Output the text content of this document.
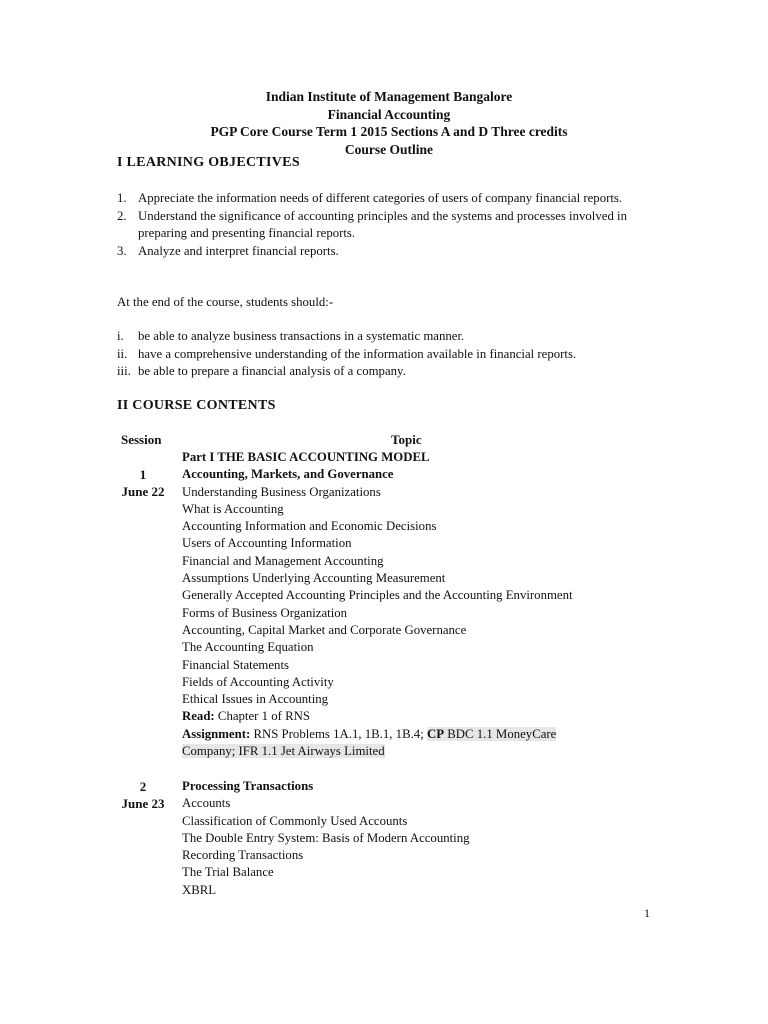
Indian Institute of Management Bangalore
Financial Accounting
PGP Core Course Term 1 2015 Sections A and D Three credits
Course Outline
I LEARNING OBJECTIVES
1. Appreciate the information needs of different categories of users of company financial reports.
2. Understand the significance of accounting principles and the systems and processes involved in preparing and presenting financial reports.
3. Analyze and interpret financial reports.
At the end of the course, students should:-
i. be able to analyze business transactions in a systematic manner.
ii. have a comprehensive understanding of the information available in financial reports.
iii. be able to prepare a financial analysis of a company.
II COURSE CONTENTS
Session	Topic
1
June 22
Part I THE BASIC ACCOUNTING MODEL
Accounting, Markets, and Governance
Understanding Business Organizations
What is Accounting
Accounting Information and Economic Decisions
Users of Accounting Information
Financial and Management Accounting
Assumptions Underlying Accounting Measurement
Generally Accepted Accounting Principles and the Accounting Environment
Forms of Business Organization
Accounting, Capital Market and Corporate Governance
The Accounting Equation
Financial Statements
Fields of Accounting Activity
Ethical Issues in Accounting
Read: Chapter 1 of RNS
Assignment: RNS Problems 1A.1, 1B.1, 1B.4; CP BDC 1.1 MoneyCare
Company; IFR 1.1 Jet Airways Limited
2
June 23
Processing Transactions
Accounts
Classification of Commonly Used Accounts
The Double Entry System: Basis of Modern Accounting
Recording Transactions
The Trial Balance
XBRL
1
